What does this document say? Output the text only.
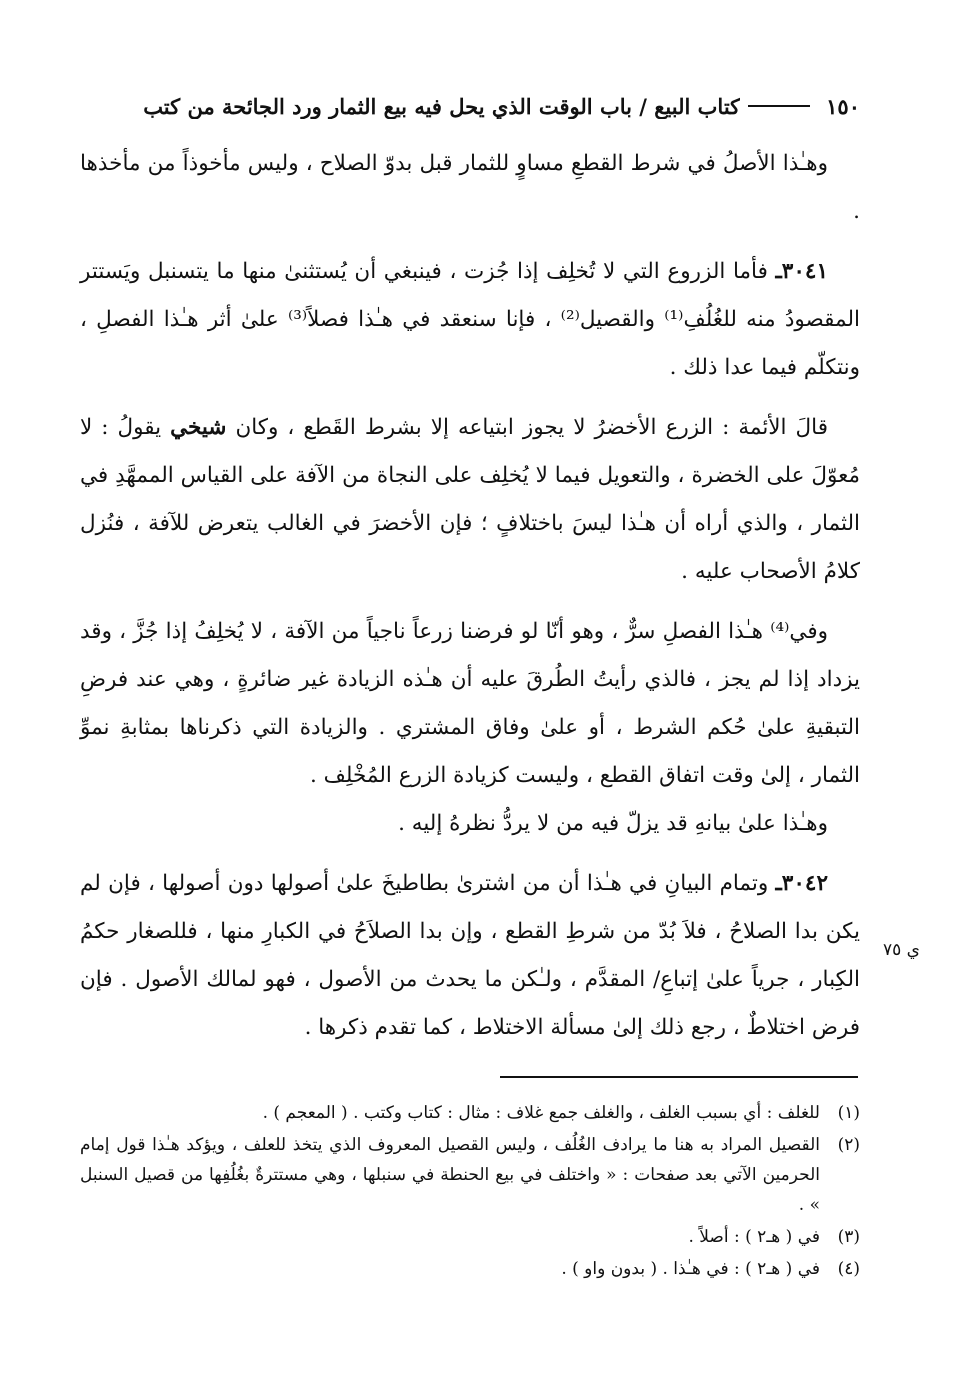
١٥٠
كتاب البيع / باب الوقت الذي يحل فيه بيع الثمار ورد الجائحة من كتب

وهـٰذا الأصلُ في شرط القطعِ مساوٍ للثمار قبل بدوّ الصلاح ، وليس مأخوذاً من مأخذها .

٣٠٤١ـ فأما الزروع التي لا تُخلِف إذا جُزت ، فينبغي أن يُستثنىٰ منها ما يتسنبل ويَستتر المقصودُ منه للغُلُفِ⁽¹⁾ والقصيل⁽²⁾ ، فإنا سنعقد في هـٰذا فصلاً⁽³⁾ علىٰ أثر هـٰذا الفصلِ ، ونتكلّم فيما عدا ذلك .

قالَ الأئمة : الزرع الأخضرُ لا يجوز ابتياعه إلا بشرط القَطع ، وكان شيخي يقولُ : لا مُعوّلَ على الخضرة ، والتعويل فيما لا يُخلِف على النجاة من الآفة على القياس الممهَّدِ في الثمار ، والذي أراه أن هـٰذا ليسَ باختلافٍ ؛ فإن الأخضرَ في الغالب يتعرض للآفة ، فنُزل كلامُ الأصحاب عليه .

وفي⁽⁴⁾ هـٰذا الفصلِ سرٌّ ، وهو أنّا لو فرضنا زرعاً ناجياً من الآفة ، لا يُخلِفُ إذا جُزَّ ، وقد يزداد إذا لم يجز ، فالذي رأيتُ الطُرقَ عليه أن هـٰذه الزيادة غير ضائرةٍ ، وهي عند فرضِ التبقيةِ علىٰ حُكم الشرط ، أو علىٰ وفاق المشتري . والزيادة التي ذكرناها بمثابةِ نموِّ الثمار ، إلىٰ وقت اتفاق القطع ، وليست كزيادة الزرع المُخْلِف .

وهـٰذا علىٰ بيانهِ قد يزلّ فيه من لا يردُّ نظرهُ إليه .

٣٠٤٢ـ وتمام البيانِ في هـٰذا أن من اشترىٰ بطاطيخَ علىٰ أصولها دون أصولها ، فإن لم يكن بدا الصلاحُ ، فلاَ بُدّ من شرطِ القطع ، وإن بدا الصلاَحُ في الكبارِ منها ، فللصغار حكمُ الكِبار ، جرياً علىٰ إتباعِ/ المقدَّم ، ولـٰكن ما يحدث من الأصول ، فهو لمالك الأصول . فإن فرض اختلاطٌ ، رجع ذلك إلىٰ مسألة الاختلاط ، كما تقدم ذكرها .

ي ٧٥
(١)
للغلف : أي بسبب الغلف ، والغلف جمع غلاف : مثال : كتاب وكتب . ( المعجم ) .
(٢)
القصيل المراد به هنا ما يرادف الغُلُف ، وليس القصيل المعروف الذي يتخذ للعلف ، ويؤكد هـٰذا قول إمام الحرمين الآتي بعد صفحات : « واختلف في بيع الحنطة في سنبلها ، وهي مستترةٌ بغُلُفِها من قصيل السنبل » .
(٣)
في ( هـ٢ ) : أصلاً .
(٤)
في ( هـ٢ ) : في هـٰذا . ( بدون واو ) .
